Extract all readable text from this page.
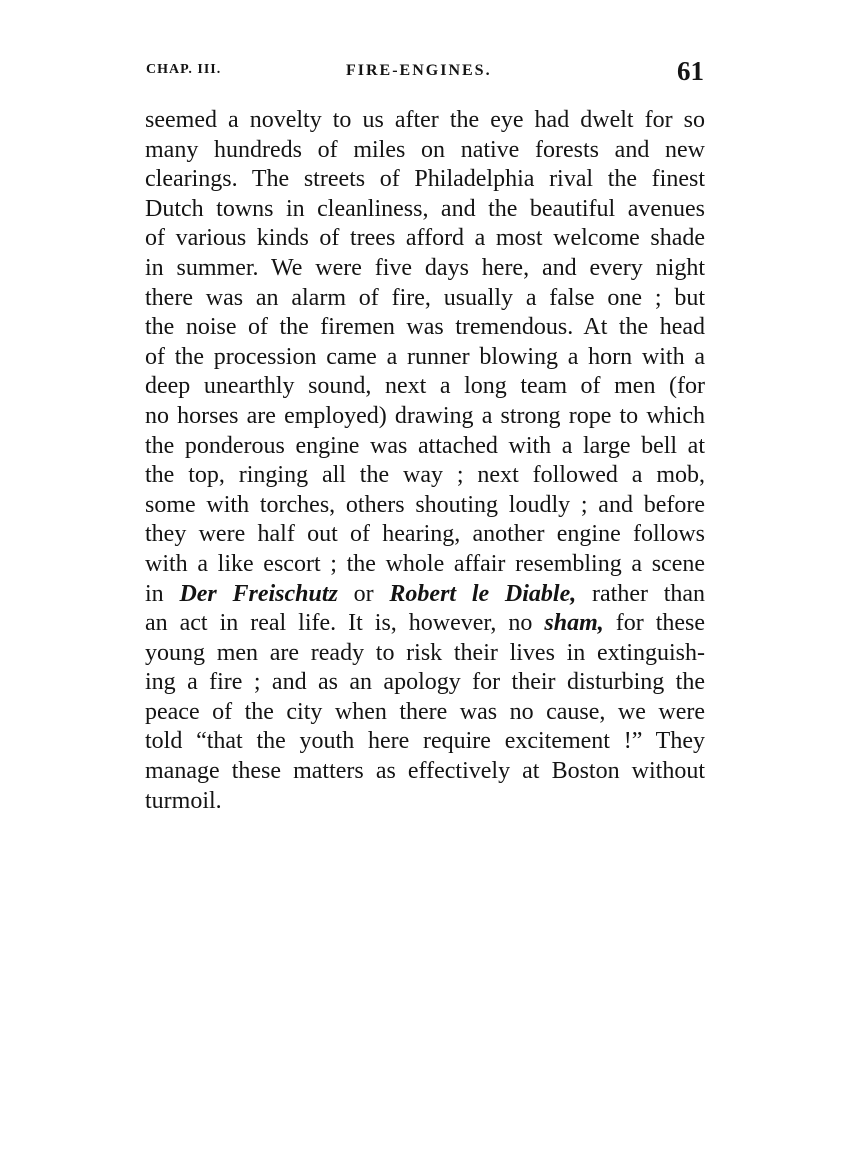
CHAP. III.	FIRE-ENGINES.	61
seemed a novelty to us after the eye had dwelt for so
many hundreds of miles on native forests and new
clearings. The streets of Philadelphia rival the finest
Dutch towns in cleanliness, and the beautiful avenues
of various kinds of trees afford a most welcome shade
in summer. We were five days here, and every night
there was an alarm of fire, usually a false one ; but
the noise of the firemen was tremendous. At the head
of the procession came a runner blowing a horn with a
deep unearthly sound, next a long team of men (for
no horses are employed) drawing a strong rope to which
the ponderous engine was attached with a large bell at
the top, ringing all the way ; next followed a mob,
some with torches, others shouting loudly ; and before
they were half out of hearing, another engine follows
with a like escort ; the whole affair resembling a scene
in Der Freischutz or Robert le Diable, rather than
an act in real life. It is, however, no sham, for these
young men are ready to risk their lives in extinguish-
ing a fire ; and as an apology for their disturbing the
peace of the city when there was no cause, we were
told “that the youth here require excitement !” They
manage these matters as effectively at Boston without
turmoil.
